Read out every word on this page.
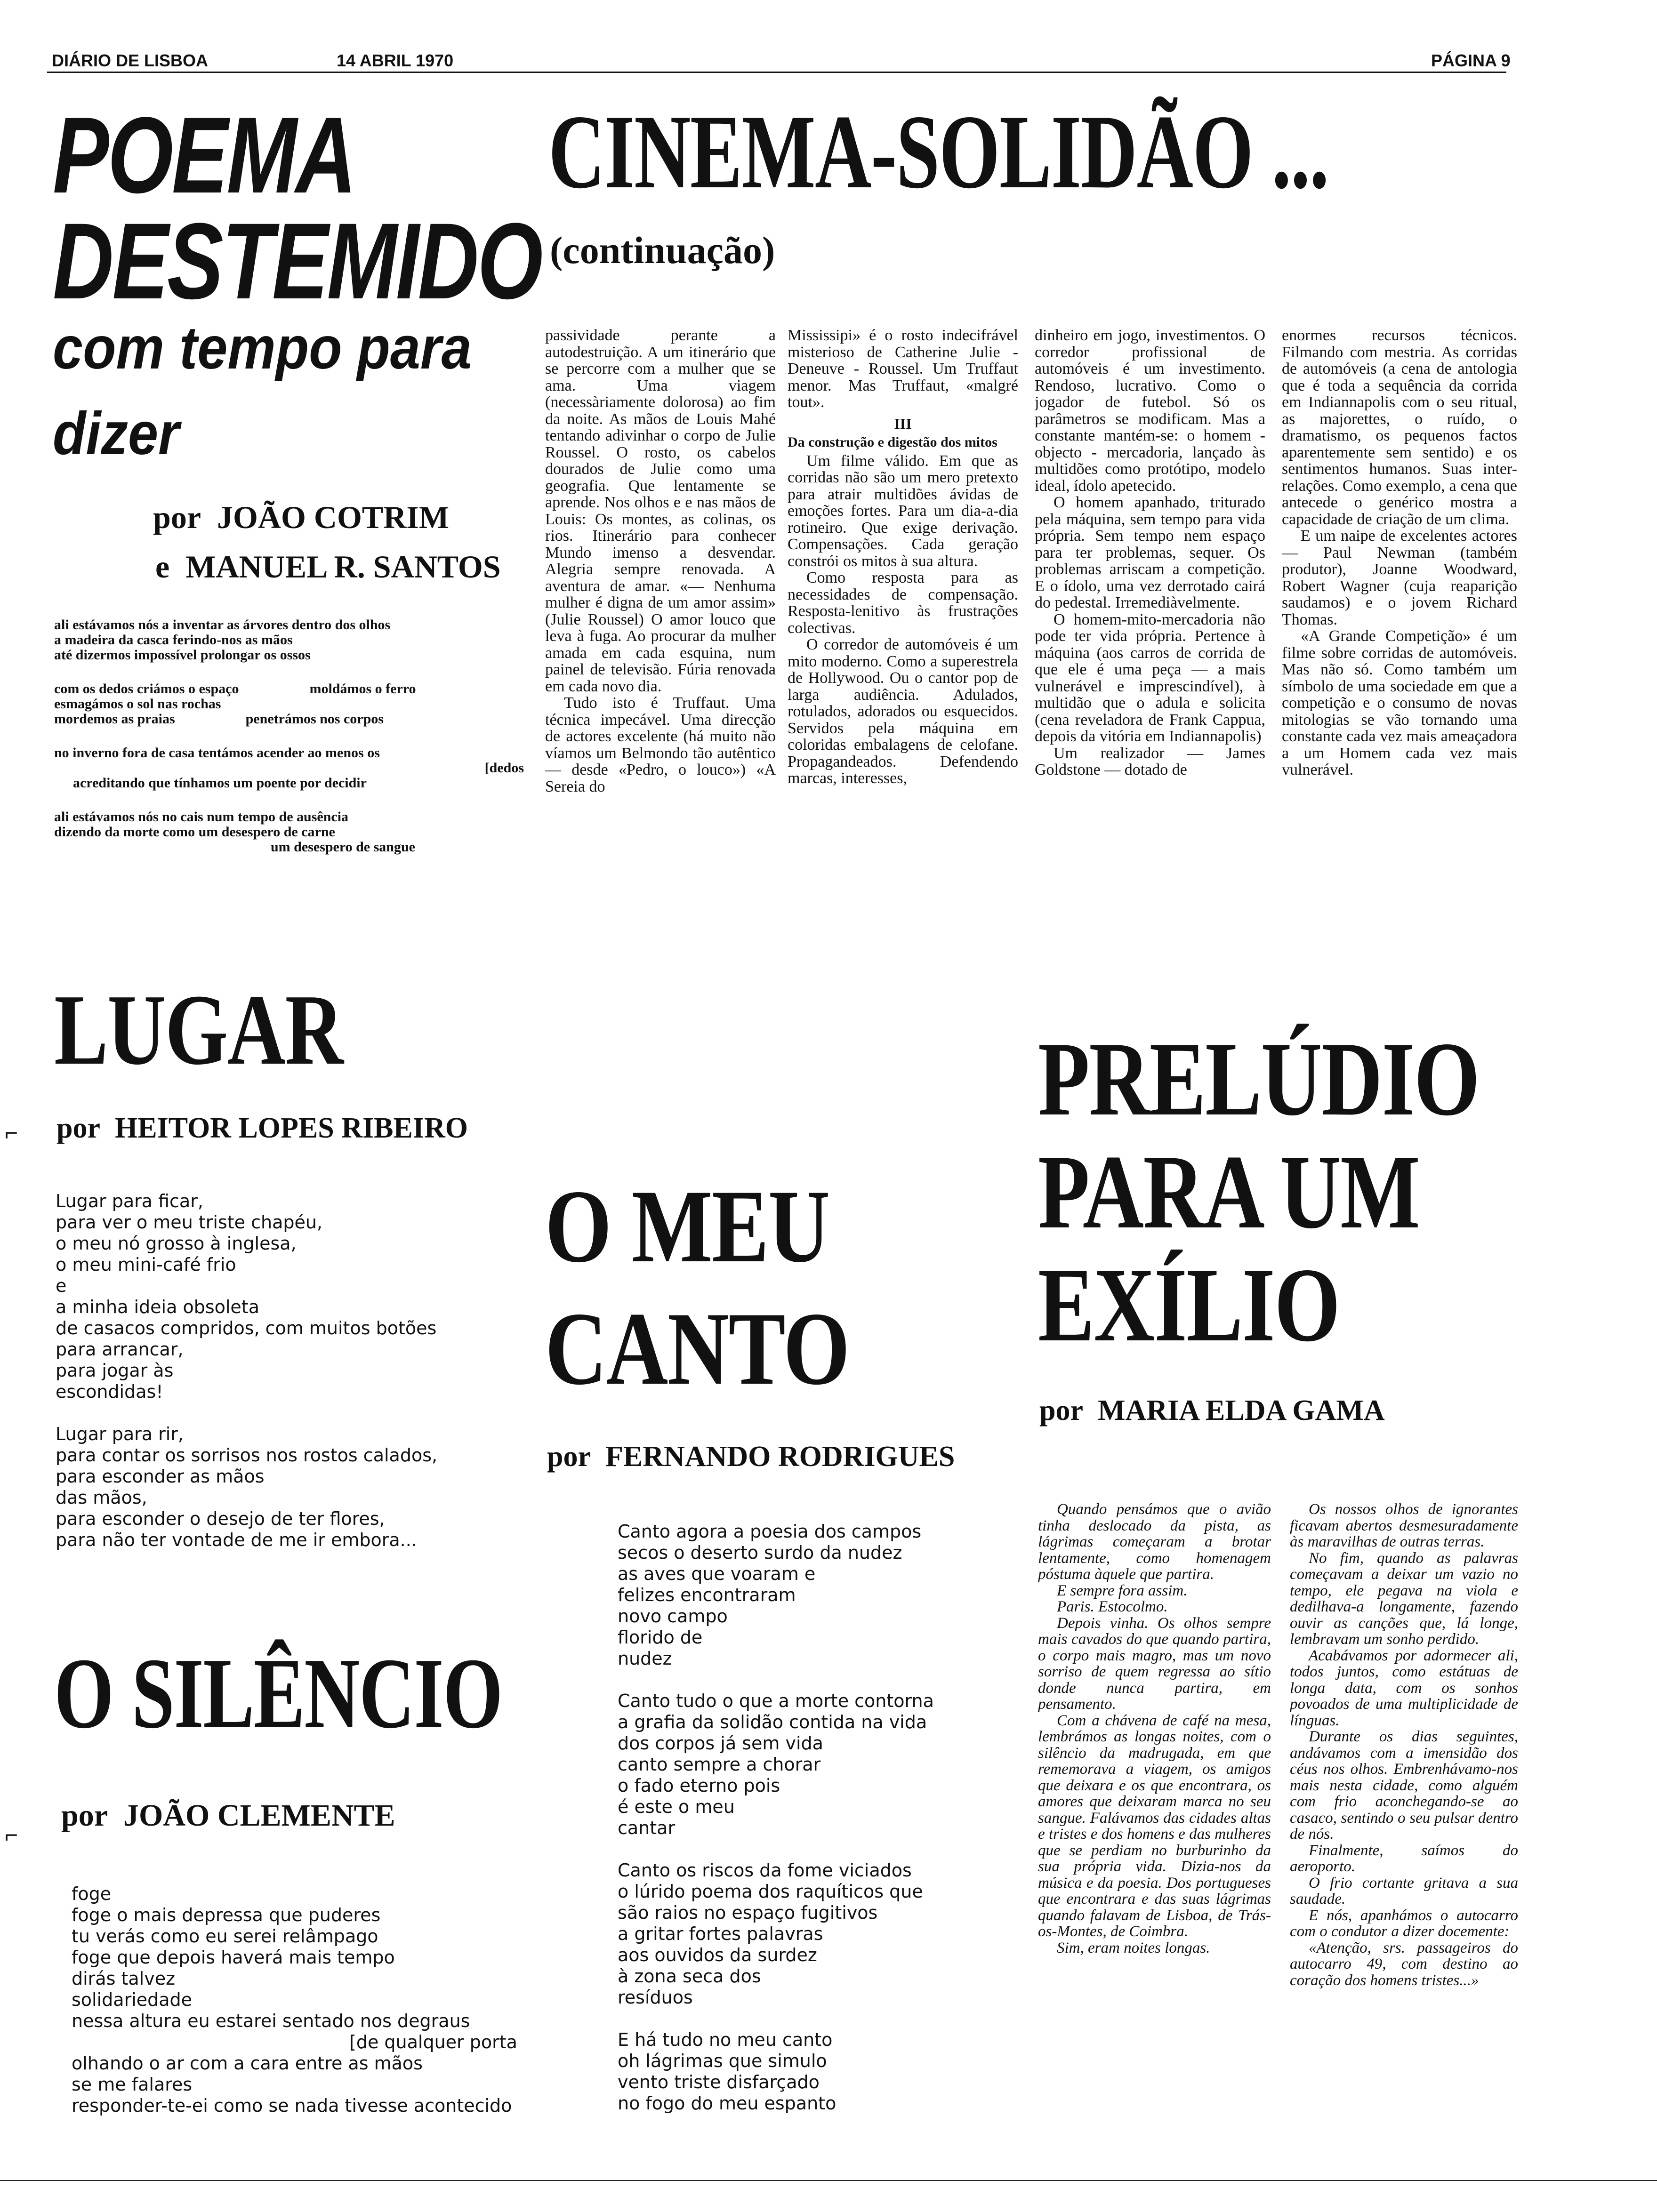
DIÁRIO DE LISBOA	14 ABRIL 1970	PÁGINA 9
POEMA
DESTEMIDO
com tempo para
dizer
por JOÃO COTRIM
e MANUEL R. SANTOS
ali estávamos nós a inventar as árvores dentro dos olhos
a madeira da casca ferindo-nos as mãos
até dizermos impossível prolongar os ossos
com os dedos criámos o espaço                    moldámos o ferro
esmagámos o sol nas rochas
mordemos as praias                    penetrámos nos corpos
no inverno fora de casa tentámos acender ao menos os
[dedos
acreditando que tínhamos um poente por decidir
ali estávamos nós no cais num tempo de ausência
dizendo da morte como um desespero de carne
um desespero de sangue
CINEMA-SOLIDÃO ...
(continuação)

passividade perante a autodestruição. A um itinerário que se percorre com a mulher que se ama. Uma viagem (necessàriamente dolorosa) ao fim da noite. As mãos de Louis Mahé tentando adivinhar o corpo de Julie Roussel. O rosto, os cabelos dourados de Julie como uma geografia. Que lentamente se aprende. Nos olhos e e nas mãos de Louis: Os montes, as colinas, os rios. Itinerário para conhecer Mundo imenso a desvendar. Alegria sempre renovada. A aventura de amar. «— Nenhuma mulher é digna de um amor assim» (Julie Roussel) O amor louco que leva à fuga. Ao procurar da mulher amada em cada esquina, num painel de televisão. Fúria renovada em cada novo dia.

Tudo isto é Truffaut. Uma técnica impecável. Uma direcção de actores excelente (há muito não víamos um Belmondo tão autêntico — desde «Pedro, o louco») «A Sereia do

Mississipi» é o rosto indecifrável misterioso de Catherine Julie - Deneuve - Roussel. Um Truffaut menor. Mas Truffaut, «malgré tout».

III
Da construção e digestão dos mitos

Um filme válido. Em que as corridas não são um mero pretexto para atrair multidões ávidas de emoções fortes. Para um dia-a-dia rotineiro. Que exige derivação. Compensações. Cada geração constrói os mitos à sua altura.

Como resposta para as necessidades de compensação. Resposta-lenitivo às frustrações colectivas.

O corredor de automóveis é um mito moderno. Como a superestrela de Hollywood. Ou o cantor pop de larga audiência. Adulados, rotulados, adorados ou esquecidos. Servidos pela máquina em coloridas embalagens de celofane. Propagandeados. Defendendo marcas, interesses,

dinheiro em jogo, investimentos. O corredor profissional de automóveis é um investimento. Rendoso, lucrativo. Como o jogador de futebol. Só os parâmetros se modificam. Mas a constante mantém-se: o homem - objecto - mercadoria, lançado às multidões como protótipo, modelo ideal, ídolo apetecido.

O homem apanhado, triturado pela máquina, sem tempo para vida própria. Sem tempo nem espaço para ter problemas, sequer. Os problemas arriscam a competição. E o ídolo, uma vez derrotado cairá do pedestal. Irremediàvelmente.

O homem-mito-mercadoria não pode ter vida própria. Pertence à máquina (aos carros de corrida de que ele é uma peça — a mais vulnerável e imprescindível), à multidão que o adula e solicita (cena reveladora de Frank Cappua, depois da vitória em Indiannapolis)

Um realizador — James Goldstone — dotado de

enormes recursos técnicos. Filmando com mestria. As corridas de automóveis (a cena de antologia que é toda a sequência da corrida em Indiannapolis com o seu ritual, as majorettes, o ruído, o dramatismo, os pequenos factos aparentemente sem sentido) e os sentimentos humanos. Suas inter-relações. Como exemplo, a cena que antecede o genérico mostra a capacidade de criação de um clima.

E um naipe de excelentes actores — Paul Newman (também produtor), Joanne Woodward, Robert Wagner (cuja reaparição saudamos) e o jovem Richard Thomas.

«A Grande Competição» é um filme sobre corridas de automóveis. Mas não só. Como também um símbolo de uma sociedade em que a competição e o consumo de novas mitologias se vão tornando uma constante cada vez mais ameaçadora a um Homem cada vez mais vulnerável.

LUGAR
⌐ por HEITOR LOPES RIBEIRO
Lugar para ficar,
para ver o meu triste chapéu,
o meu nó grosso à inglesa,
o meu mini-café frio
e
a minha ideia obsoleta
de casacos compridos, com muitos botões
para arrancar,
para jogar às
escondidas!
Lugar para rir,
para contar os sorrisos nos rostos calados,
para esconder as mãos
das mãos,
para esconder o desejo de ter flores,
para não ter vontade de me ir embora...
O SILÊNCIO
⌐
por JOÃO CLEMENTE
foge
foge o mais depressa que puderes
tu verás como eu serei relâmpago
foge que depois haverá mais tempo
dirás talvez
solidariedade
nessa altura eu estarei sentado nos degraus
[de qualquer porta
olhando o ar com a cara entre as mãos
se me falares
responder-te-ei como se nada tivesse acontecido
O MEU
CANTO
por FERNANDO RODRIGUES
Canto agora a poesia dos campos
secos o deserto surdo da nudez
as aves que voaram e
felizes encontraram
novo campo
florido de
nudez
Canto tudo o que a morte contorna
a grafia da solidão contida na vida
dos corpos já sem vida
canto sempre a chorar
o fado eterno pois
é este o meu
cantar
Canto os riscos da fome viciados
o lúrido poema dos raquíticos que
são raios no espaço fugitivos
a gritar fortes palavras
aos ouvidos da surdez
à zona seca dos
resíduos
E há tudo no meu canto
oh lágrimas que simulo
vento triste disfarçado
no fogo do meu espanto
PRELÚDIO
PARA UM
EXÍLIO
por MARIA ELDA GAMA

Quando pensámos que o avião tinha deslocado da pista, as lágrimas começaram a brotar lentamente, como homenagem póstuma àquele que partira.

E sempre fora assim.

Paris. Estocolmo.

Depois vinha. Os olhos sempre mais cavados do que quando partira, o corpo mais magro, mas um novo sorriso de quem regressa ao sítio donde nunca partira, em pensamento.

Com a chávena de café na mesa, lembrámos as longas noites, com o silêncio da madrugada, em que rememorava a viagem, os amigos que deixara e os que encontrara, os amores que deixaram marca no seu sangue. Falávamos das cidades altas e tristes e dos homens e das mulheres que se perdiam no burburinho da sua própria vida. Dizia-nos da música e da poesia. Dos portugueses que encontrara e das suas lágrimas quando falavam de Lisboa, de Trás-os-Montes, de Coimbra.

Sim, eram noites longas.

Os nossos olhos de ignorantes ficavam abertos desmesuradamente às maravilhas de outras terras.

No fim, quando as palavras começavam a deixar um vazio no tempo, ele pegava na viola e dedilhava-a longamente, fazendo ouvir as canções que, lá longe, lembravam um sonho perdido.

Acabávamos por adormecer ali, todos juntos, como estátuas de longa data, com os sonhos povoados de uma multiplicidade de línguas.

Durante os dias seguintes, andávamos com a imensidão dos céus nos olhos. Embrenhávamo-nos mais nesta cidade, como alguém com frio aconchegando-se ao casaco, sentindo o seu pulsar dentro de nós.

Finalmente, saímos do aeroporto.

O frio cortante gritava a sua saudade.

E nós, apanhámos o autocarro com o condutor a dizer docemente:

«Atenção, srs. passageiros do autocarro 49, com destino ao coração dos homens tristes...»
